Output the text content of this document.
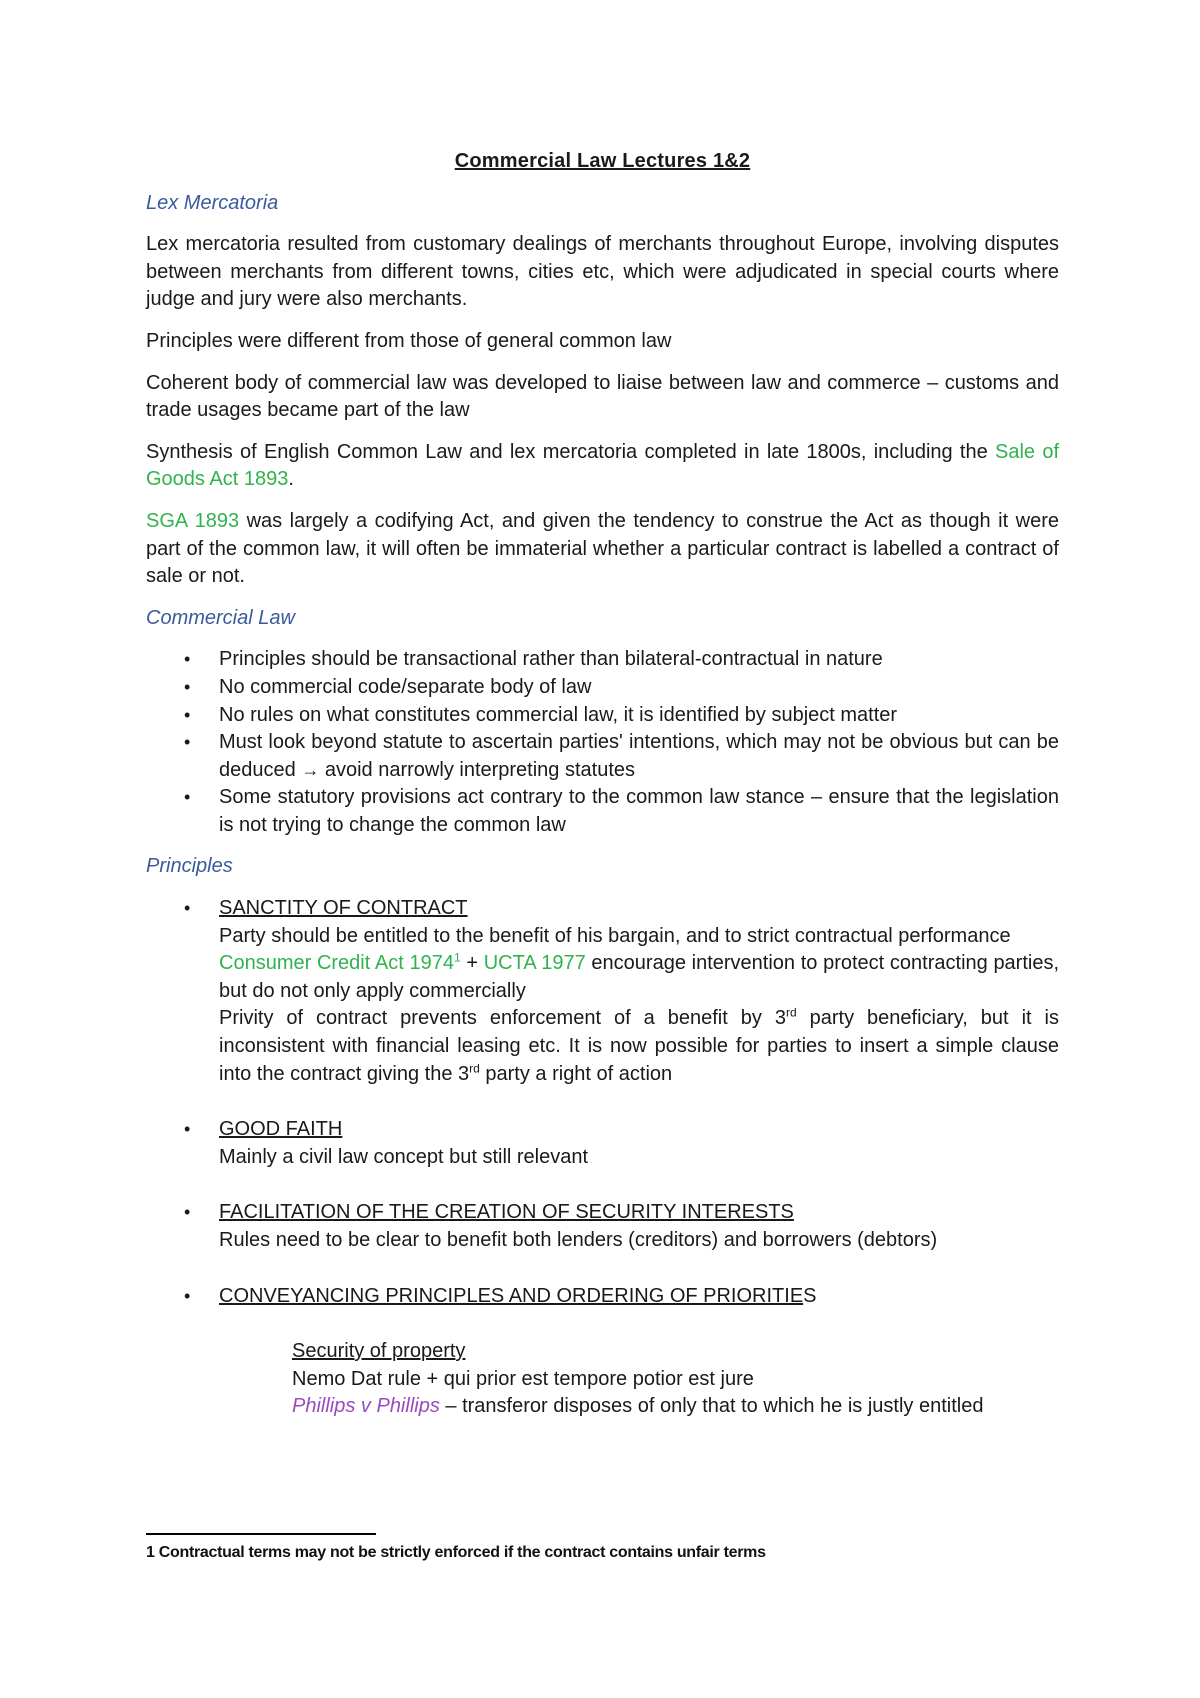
Commercial Law Lectures 1&2
Lex Mercatoria

Lex mercatoria resulted from customary dealings of merchants throughout Europe, involving disputes between merchants from different towns, cities etc, which were adjudicated in special courts where judge and jury were also merchants.

Principles were different from those of general common law

Coherent body of commercial law was developed to liaise between law and commerce – customs and trade usages became part of the law

Synthesis of English Common Law and lex mercatoria completed in late 1800s, including the Sale of Goods Act 1893.

SGA 1893 was largely a codifying Act, and given the tendency to construe the Act as though it were part of the common law, it will often be immaterial whether a particular contract is labelled a contract of sale or not.

Commercial Law
• Principles should be transactional rather than bilateral-contractual in nature
• No commercial code/separate body of law
• No rules on what constitutes commercial law, it is identified by subject matter
• Must look beyond statute to ascertain parties' intentions, which may not be obvious but can be deduced → avoid narrowly interpreting statutes
• Some statutory provisions act contrary to the common law stance – ensure that the legislation is not trying to change the common law
Principles
• SANCTITY OF CONTRACT
Party should be entitled to the benefit of his bargain, and to strict contractual performance
Consumer Credit Act $1974^1$ + UCTA 1977 encourage intervention to protect contracting parties, but do not only apply commercially
Privity of contract prevents enforcement of a benefit by 3rd party beneficiary, but it is inconsistent with financial leasing etc. It is now possible for parties to insert a simple clause into the contract giving the 3rd party a right of action
• GOOD FAITH
Mainly a civil law concept but still relevant
• FACILITATION OF THE CREATION OF SECURITY INTERESTS
Rules need to be clear to benefit both lenders (creditors) and borrowers (debtors)
• CONVEYANCING PRINCIPLES AND ORDERING OF PRIORITIES
Security of property
Nemo Dat rule + qui prior est tempore potior est jure
Phillips v Phillips – transferor disposes of only that to which he is justly entitled
1 Contractual terms may not be strictly enforced if the contract contains unfair terms
